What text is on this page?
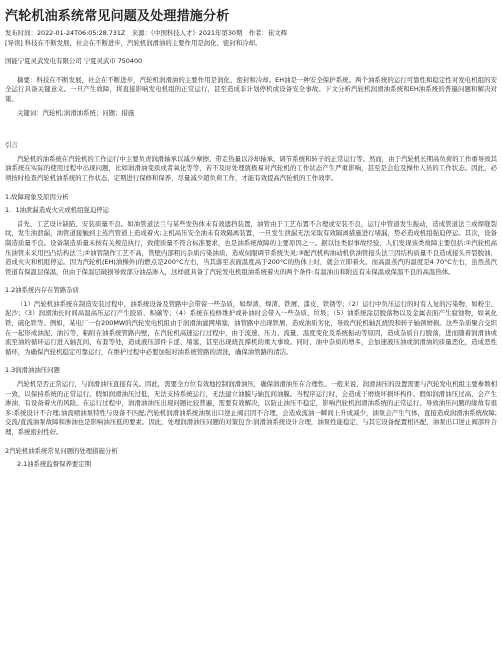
汽轮机油系统常见问题及处理措施分析

发布时间：2022-01-24T06:05:28.731Z　来源：《中国科技人才》2021年第30期　作者：崔文辉

[导读] 科技在不断发展，社会在不断进步，汽轮机润滑油的主要作用是润化、密封和冷却。

国能宁夏灵武发电有限公司 宁夏灵武市 750400

摘要：科技在不断发展，社会在不断进步，汽轮机润滑油的主要作用是润化、密封和冷却。EH油是一种安全保护系统。两个油系统的运行可靠性和稳定性对发电机组的安全运行具备关键意义。一旦产生故障，将直接影响发电机组的正常运行，甚至造成非计划停机或设备安全事故。下文分析汽轮机润滑油系统和EH油系统的普遍问题和解决对策。

关键词：汽轮机;润滑油系统；问题；措施

引言

汽轮机的油系统在汽轮机的工作运行中主要负责润滑轴承以减少摩擦、带走热量以冷却轴承、调节系统和转子的正常运行等。然而，由于汽轮机长期高负荷的工作重导致其油系统在实际的使用过程中出现问题，比如润滑油变质或者氧化等等，若不及时处理就极易对汽轮机的工作状态产生严重影响，甚至是会危及操作人员的工作状态。因此，必须按时检查汽轮机油系统的工作状态，定期进行保修和保养，尽量减少超负荷工作，才能有效提高汽轮机的工作效率。

1.故障现象及原因分析

1．1油泄漏造成火灾或机组强迫停运

首先，工艺设计缺陷、安装质量不良。如油管道法兰与某些发热体未有效遮挡装置，油管由于工艺布置不合理或安装不良，运行中管道发生振动，造成管道法兰或焊缝裂纹，发生油泄漏，油管道接触到主蒸汽管道上造成着火;主机高压安全油未有效隔离装置，一旦发生泄漏无法采取有效隔离措施进行堵漏，势必造成机组强迫停运。其次，设备制造质量不良。设备制造质量未按有关规范执行，致使质量不符合标准要求，也是油系统故障的主要原因之一。据以往类似事故经验，人们发现该类故障主要包括:①汽轮机高压油管未采用凹凸结构法兰;②油管制作工艺不高，管壁内部粗污杂质污染油质，造成伺服调节系统失灵;③配汽机构油动机供油管接头法兰因结构质量不良造成接头开裂脱油，造成火灾和机组停运。因为汽轮机(EH)油操外)的燃点是200°C左右，当其落至表面温度高于200°C的热体上时，就会立即着火。而高温蒸汽的温度是4 70°C左右，虽然蒸汽管道有保温层保温，但由于保温层破损导致部分油品渗入，这样就具备了汽轮发电机组油系统着火的两个条件:有温油出和附近有未保温或保温不良的高温热体。

1.2油系统内存在管路杂质

（1）汽轮机油系统在制造安装过程中，油系统设备及管路中会带留一些杂质，如焊渣、焊渣、铁屑、漆皮、铁锈等；（2）运行中负压运行的时有人复的污染物，如粉尘、泥沙；（3）润滑油长时间高温高压运行产生胶质、积碳等；（4）系统在检修维护或补油时会带入一些杂质、垃圾；（5）油系统涂层脱落物以及金属表面产生腐蚀物，如氧化铁、硫化铁等。例如，某电厂一台200MW的汽轮发电机组由于润滑油滤网堵塞，油管路中出现铁屑，造成油质劣化，导致汽轮机轴瓦烧毁和转子轴颈磨损。这些杂质聚合交织在一起形成油泥、油污等，粘附在油系统管路内壁，在汽轮机高速运行过程中，由于流速、压力、流量、温度变化及系统振动等原因，造成杂质自行脱落，进而随着润滑油或流至油的循环运行进入轴瓦间、布套等处，造成液压部件卡涩、堵塞，甚至出现烧瓦撑机的重大事故。同时，油中杂质的增多，会加速液压油或润滑油的质量恶化，造成恶性循环，为确保汽轮机稳定可靠运行，在维护过程中必要加强对油系统管路的清洗，确保油管路的清洁。

1.3润滑油油压问题

汽轮机是否正常运行，与润滑油压直接有关。因此，需要全方位有效地控制润滑油压，确保润滑油压在合理性。一般来说，润滑油压的设置需要与汽轮发电机组主要参数相一致，以保持系统的正常运行。假如润滑油压过低，无法支持系统运行，无法建立油膜与轴瓦间油膜。当程序运行时，会造成干磨烧坏损坏构件。假如润滑油压过高，会产生渗油，有设备着火的风险。在运行过程中，润滑油油压出现问题比较普遍，需要有效解决，以防止油压不稳定，影响汽轮机润滑油系统的正常运行。导致油压问题的缘故有很多:系统设计不合理;油流喷油泵特性与设备不匹配;汽轮机润滑油系统油泵出口逆止阀启因不合理，会造成流油一瞬间上升或减少，油泵会产生气体，直接造成润滑油系统故障;交流/直流油泵故障和渗油也是影响油压低的要素。因此，处理润滑油压问题的对策包含:润滑油系统设计合理，油泵性能稳定，与其它设备配置相匹配，油泵出口逆止阀部件合理，系统密封性好。

2汽轮机油系统常见问题的处理措施分析

2.1油系统监督保养要定期
